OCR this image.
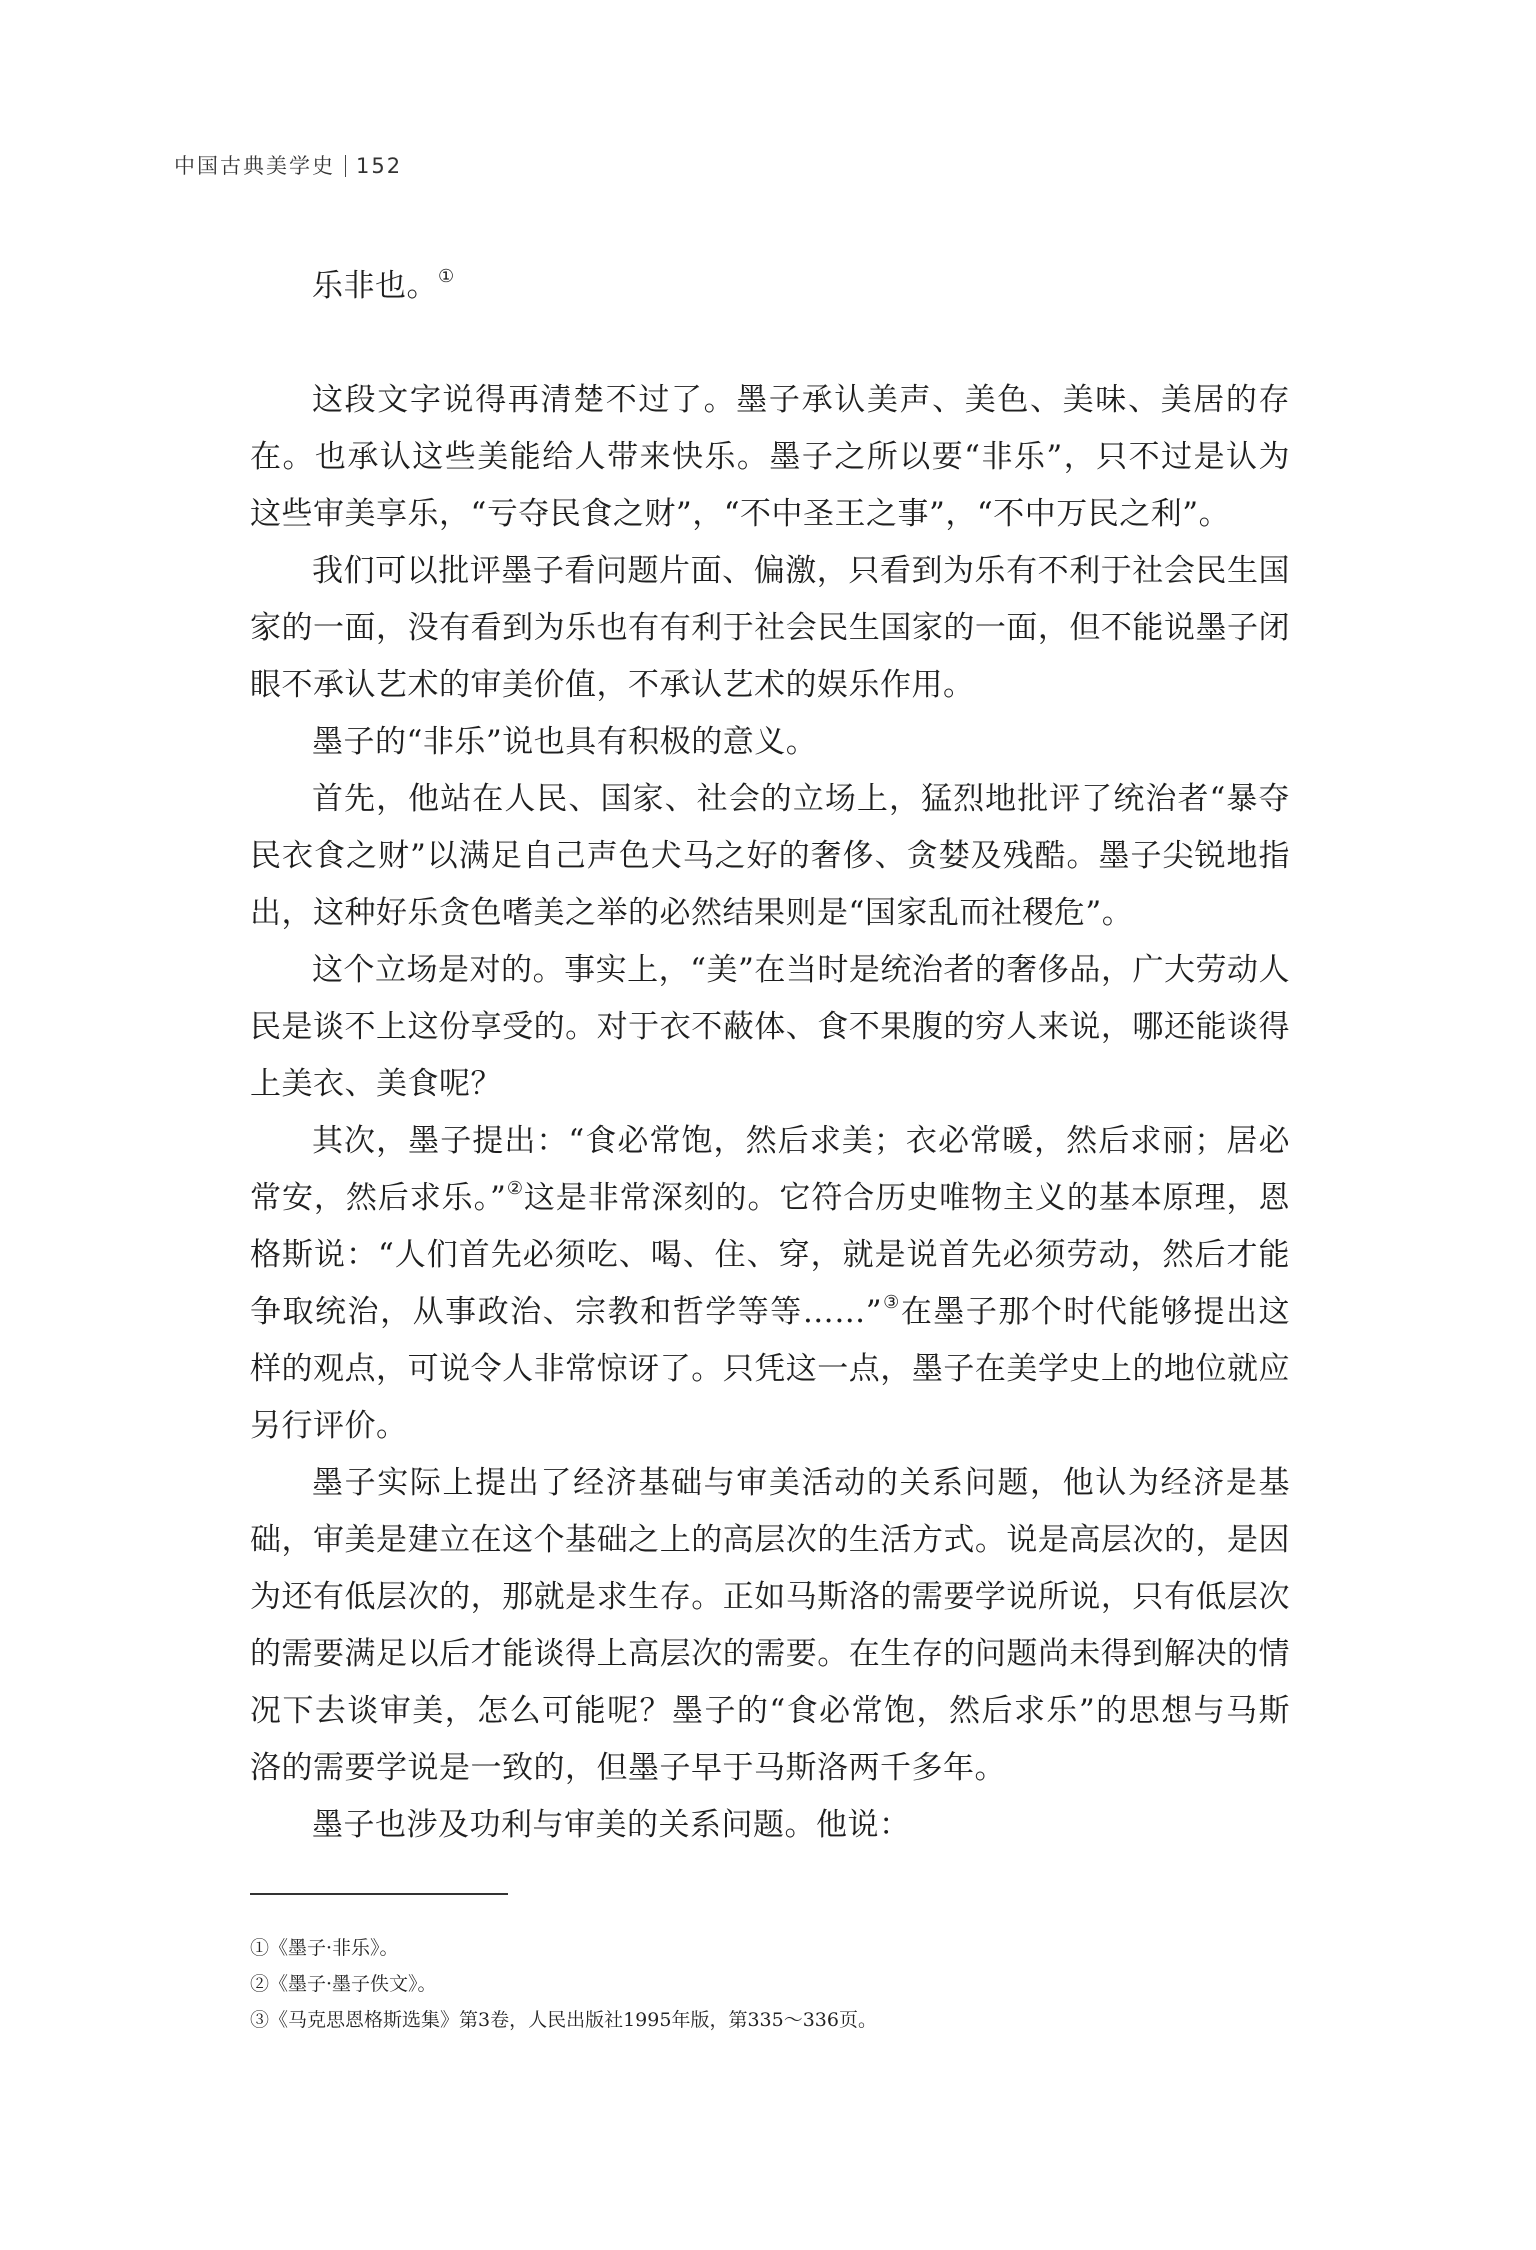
中国古典美学史 152

乐非也。①

这段文字说得再清楚不过了。墨子承认美声、美色、美味、美居的存在。也承认这些美能给人带来快乐。墨子之所以要“非乐”，只不过是认为这些审美享乐，“亏夺民食之财”，“不中圣王之事”，“不中万民之利”。

我们可以批评墨子看问题片面、偏激，只看到为乐有不利于社会民生国家的一面，没有看到为乐也有有利于社会民生国家的一面，但不能说墨子闭眼不承认艺术的审美价值，不承认艺术的娱乐作用。

墨子的“非乐”说也具有积极的意义。

首先，他站在人民、国家、社会的立场上，猛烈地批评了统治者“暴夺民衣食之财”以满足自己声色犬马之好的奢侈、贪婪及残酷。墨子尖锐地指出，这种好乐贪色嗜美之举的必然结果则是“国家乱而社稷危”。

这个立场是对的。事实上，“美”在当时是统治者的奢侈品，广大劳动人民是谈不上这份享受的。对于衣不蔽体、食不果腹的穷人来说，哪还能谈得上美衣、美食呢？

其次，墨子提出：“食必常饱，然后求美；衣必常暖，然后求丽；居必常安，然后求乐。”②这是非常深刻的。它符合历史唯物主义的基本原理，恩格斯说：“人们首先必须吃、喝、住、穿，就是说首先必须劳动，然后才能争取统治，从事政治、宗教和哲学等等……”③在墨子那个时代能够提出这样的观点，可说令人非常惊讶了。只凭这一点，墨子在美学史上的地位就应另行评价。

墨子实际上提出了经济基础与审美活动的关系问题，他认为经济是基础，审美是建立在这个基础之上的高层次的生活方式。说是高层次的，是因为还有低层次的，那就是求生存。正如马斯洛的需要学说所说，只有低层次的需要满足以后才能谈得上高层次的需要。在生存的问题尚未得到解决的情况下去谈审美，怎么可能呢？墨子的“食必常饱，然后求乐”的思想与马斯洛的需要学说是一致的，但墨子早于马斯洛两千多年。

墨子也涉及功利与审美的关系问题。他说：

①《墨子·非乐》。

②《墨子·墨子佚文》。

③《马克思恩格斯选集》第3卷，人民出版社1995年版，第335～336页。
